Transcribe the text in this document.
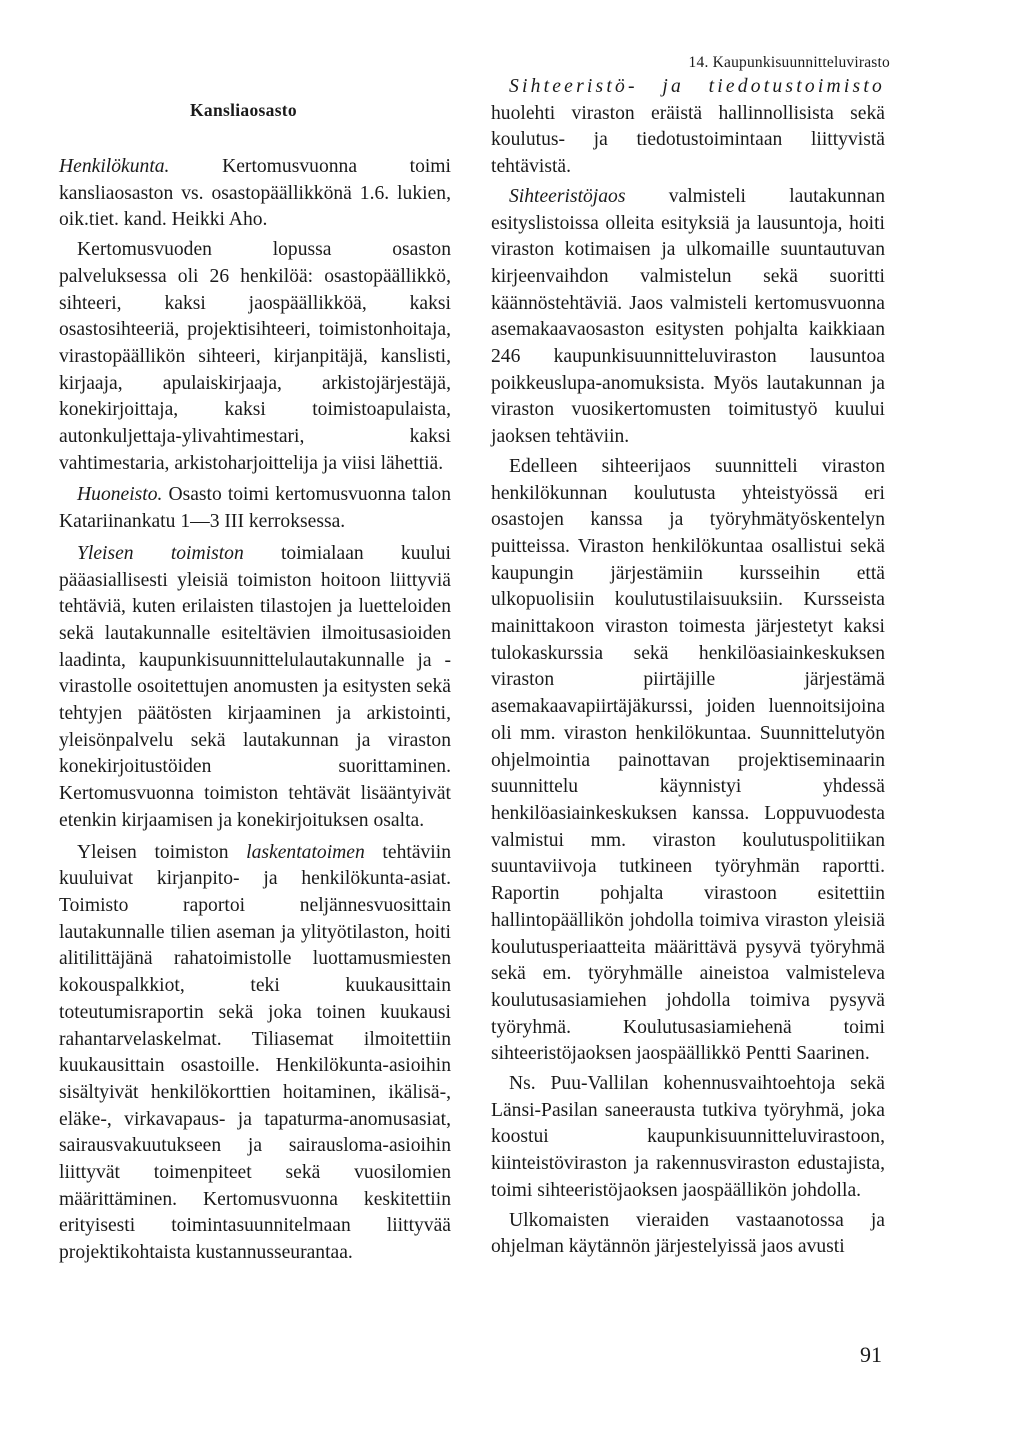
14. Kaupunkisuunnitteluvirasto
Kansliaosasto

Henkilökunta. Kertomusvuonna toimi kansliaosaston vs. osastopäällikkönä 1.6. lukien, oik.tiet. kand. Heikki Aho.

Kertomusvuoden lopussa osaston palveluksessa oli 26 henkilöä: osastopäällikkö, sihteeri, kaksi jaospäällikköä, kaksi osastosihteeriä, projektisihteeri, toimistonhoitaja, virastopäällikön sihteeri, kirjanpitäjä, kanslisti, kirjaaja, apulaiskirjaaja, arkistojärjestäjä, konekirjoittaja, kaksi toimistoapulaista, autonkuljettaja-ylivahtimestari, kaksi vahtimestaria, arkistoharjoittelija ja viisi lähettiä.

Huoneisto. Osasto toimi kertomusvuonna talon Katariinankatu 1—3 III kerroksessa.

Yleisen toimiston toimialaan kuului pääasiallisesti yleisiä toimiston hoitoon liittyviä tehtäviä, kuten erilaisten tilastojen ja luetteloiden sekä lautakunnalle esiteltävien ilmoitusasioiden laadinta, kaupunkisuunnittelulautakunnalle ja -virastolle osoitettujen anomusten ja esitysten sekä tehtyjen päätösten kirjaaminen ja arkistointi, yleisönpalvelu sekä lautakunnan ja viraston konekirjoitustöiden suorittaminen. Kertomusvuonna toimiston tehtävät lisääntyivät etenkin kirjaamisen ja konekirjoituksen osalta.

Yleisen toimiston laskentatoimen tehtäviin kuuluivat kirjanpito- ja henkilökunta-asiat. Toimisto raportoi neljännesvuosittain lautakunnalle tilien aseman ja ylityötilaston, hoiti alitilittäjänä rahatoimistolle luottamusmiesten kokouspalkkiot, teki kuukausittain toteutumisraportin sekä joka toinen kuukausi rahantarvelaskelmat. Tiliasemat ilmoitettiin kuukausittain osastoille. Henkilökunta-asioihin sisältyivät henkilökorttien hoitaminen, ikälisä-, eläke-, virkavapaus- ja tapaturma-anomusasiat, sairausvakuutukseen ja sairausloma-asioihin liittyvät toimenpiteet sekä vuosilomien määrittäminen. Kertomusvuonna keskitettiin erityisesti toimintasuunnitelmaan liittyvää projektikohtaista kustannusseurantaa.

Sihteeristö- ja tiedotustoimisto huolehti viraston eräistä hallinnollisista sekä koulutus- ja tiedotustoimintaan liittyvistä tehtävistä.

Sihteeristöjaos valmisteli lautakunnan esityslistoissa olleita esityksiä ja lausuntoja, hoiti viraston kotimaisen ja ulkomaille suuntautuvan kirjeenvaihdon valmistelun sekä suoritti käännöstehtäviä. Jaos valmisteli kertomusvuonna asemakaavaosaston esitysten pohjalta kaikkiaan 246 kaupunkisuunnitteluviraston lausuntoa poikkeuslupa-anomuksista. Myös lautakunnan ja viraston vuosikertomusten toimitustyö kuului jaoksen tehtäviin.

Edelleen sihteerijaos suunnitteli viraston henkilökunnan koulutusta yhteistyössä eri osastojen kanssa ja työryhmätyöskentelyn puitteissa. Viraston henkilökuntaa osallistui sekä kaupungin järjestämiin kursseihin että ulkopuolisiin koulutustilaisuuksiin. Kursseista mainittakoon viraston toimesta järjestetyt kaksi tulokaskurssia sekä henkilöasiainkeskuksen viraston piirtäjille järjestämä asemakaavapiirtäjäkurssi, joiden luennoitsijoina oli mm. viraston henkilökuntaa. Suunnittelutyön ohjelmointia painottavan projektiseminaarin suunnittelu käynnistyi yhdessä henkilöasiainkeskuksen kanssa. Loppuvuodesta valmistui mm. viraston koulutuspolitiikan suuntaviivoja tutkineen työryhmän raportti. Raportin pohjalta virastoon esitettiin hallintopäällikön johdolla toimiva viraston yleisiä koulutusperiaatteita määrittävä pysyvä työryhmä sekä em. työryhmälle aineistoa valmisteleva koulutusasiamiehen johdolla toimiva pysyvä työryhmä. Koulutusasiamiehenä toimi sihteeristöjaoksen jaospäällikkö Pentti Saarinen.

Ns. Puu-Vallilan kohennusvaihtoehtoja sekä Länsi-Pasilan saneerausta tutkiva työryhmä, joka koostui kaupunkisuunnitteluvirastoon, kiinteistöviraston ja rakennusviraston edustajista, toimi sihteeristöjaoksen jaospäällikön johdolla.

Ulkomaisten vieraiden vastaanotossa ja ohjelman käytännön järjestelyissä jaos avusti

91
